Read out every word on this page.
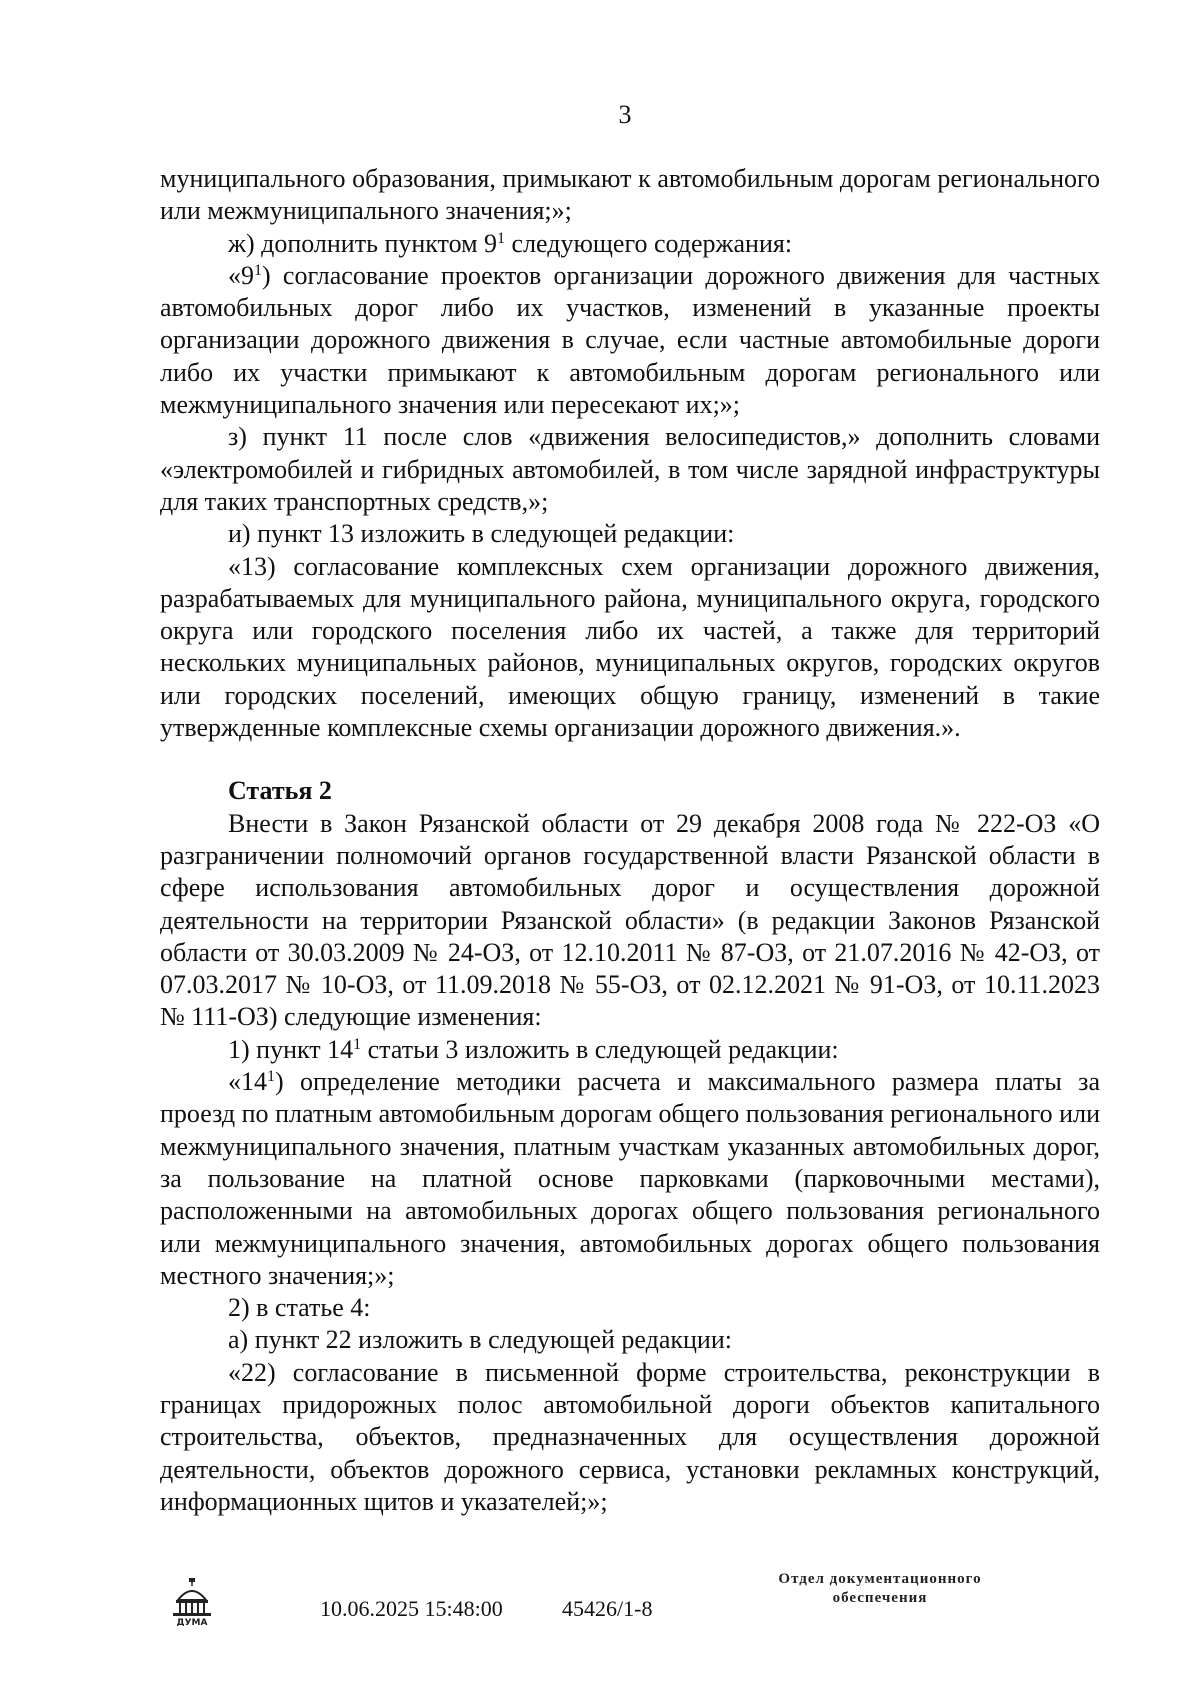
3

муниципального образования, примыкают к автомобильным дорогам регионального или межмуниципального значения;»;

ж) дополнить пунктом $9^1$ следующего содержания:

«$9^1$) согласование проектов организации дорожного движения для частных автомобильных дорог либо их участков, изменений в указанные проекты организации дорожного движения в случае, если частные автомобильные дороги либо их участки примыкают к автомобильным дорогам регионального или межмуниципального значения или пересекают их;»;

з) пункт 11 после слов «движения велосипедистов,» дополнить словами «электромобилей и гибридных автомобилей, в том числе зарядной инфраструктуры для таких транспортных средств,»;

и) пункт 13 изложить в следующей редакции:

«13) согласование комплексных схем организации дорожного движения, разрабатываемых для муниципального района, муниципального округа, городского округа или городского поселения либо их частей, а также для территорий нескольких муниципальных районов, муниципальных округов, городских округов или городских поселений, имеющих общую границу, изменений в такие утвержденные комплексные схемы организации дорожного движения.».

Статья 2

Внести в Закон Рязанской области от 29 декабря 2008 года № 222-ОЗ «О разграничении полномочий органов государственной власти Рязанской области в сфере использования автомобильных дорог и осуществления дорожной деятельности на территории Рязанской области» (в редакции Законов Рязанской области от 30.03.2009 № 24-ОЗ, от 12.10.2011 № 87-ОЗ, от 21.07.2016 № 42-ОЗ, от 07.03.2017 № 10-ОЗ, от 11.09.2018 № 55-ОЗ, от 02.12.2021 № 91-ОЗ, от 10.11.2023 № 111-ОЗ) следующие изменения:

1) пункт $14^1$ статьи 3 изложить в следующей редакции:

«$14^1$) определение методики расчета и максимального размера платы за проезд по платным автомобильным дорогам общего пользования регионального или межмуниципального значения, платным участкам указанных автомобильных дорог, за пользование на платной основе парковками (парковочными местами), расположенными на автомобильных дорогах общего пользования регионального или межмуниципального значения, автомобильных дорогах общего пользования местного значения;»;

2) в статье 4:

а) пункт 22 изложить в следующей редакции:

«22) согласование в письменной форме строительства, реконструкции в границах придорожных полос автомобильной дороги объектов капитального строительства, объектов, предназначенных для осуществления дорожной деятельности, объектов дорожного сервиса, установки рекламных конструкций, информационных щитов и указателей;»;

ДУМА
10.06.2025 15:48:00	45426/1-8
Отдел документационного
обеспечения
